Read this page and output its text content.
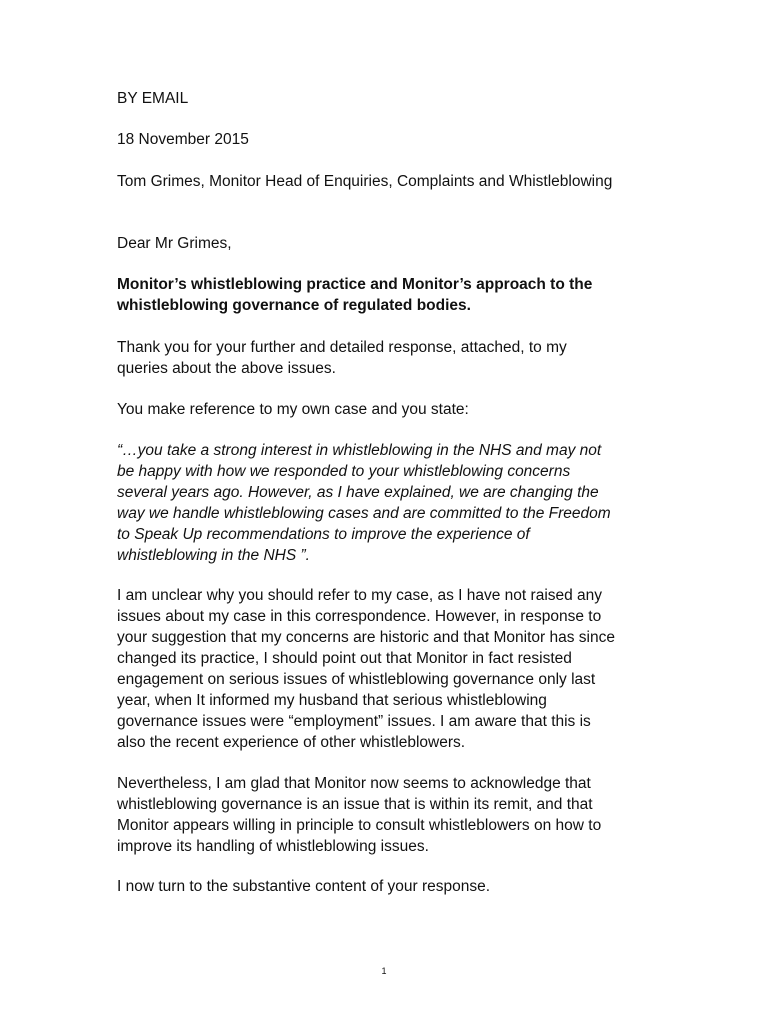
BY EMAIL
18 November 2015
Tom Grimes, Monitor Head of Enquiries, Complaints and Whistleblowing
Dear Mr Grimes,
Monitor’s whistleblowing practice and Monitor’s approach to the
whistleblowing governance of regulated bodies.
Thank you for your further and detailed response, attached, to my
queries about the above issues.
You make reference to my own case and you state:
“…you take a strong interest in whistleblowing in the NHS and may not
be happy with how we responded to your whistleblowing concerns
several years ago. However, as I have explained, we are changing the
way we handle whistleblowing cases and are committed to the Freedom
to Speak Up recommendations to improve the experience of
whistleblowing in the NHS ”.
I am unclear why you should refer to my case, as I have not raised any
issues about my case in this correspondence. However, in response to
your suggestion that my concerns are historic and that Monitor has since
changed its practice, I should point out that Monitor in fact resisted
engagement on serious issues of whistleblowing governance only last
year, when It informed my husband that serious whistleblowing
governance issues were “employment” issues. I am aware that this is
also the recent experience of other whistleblowers.
Nevertheless, I am glad that Monitor now seems to acknowledge that
whistleblowing governance is an issue that is within its remit, and that
Monitor appears willing in principle to consult whistleblowers on how to
improve its handling of whistleblowing issues.
I now turn to the substantive content of your response.
1
